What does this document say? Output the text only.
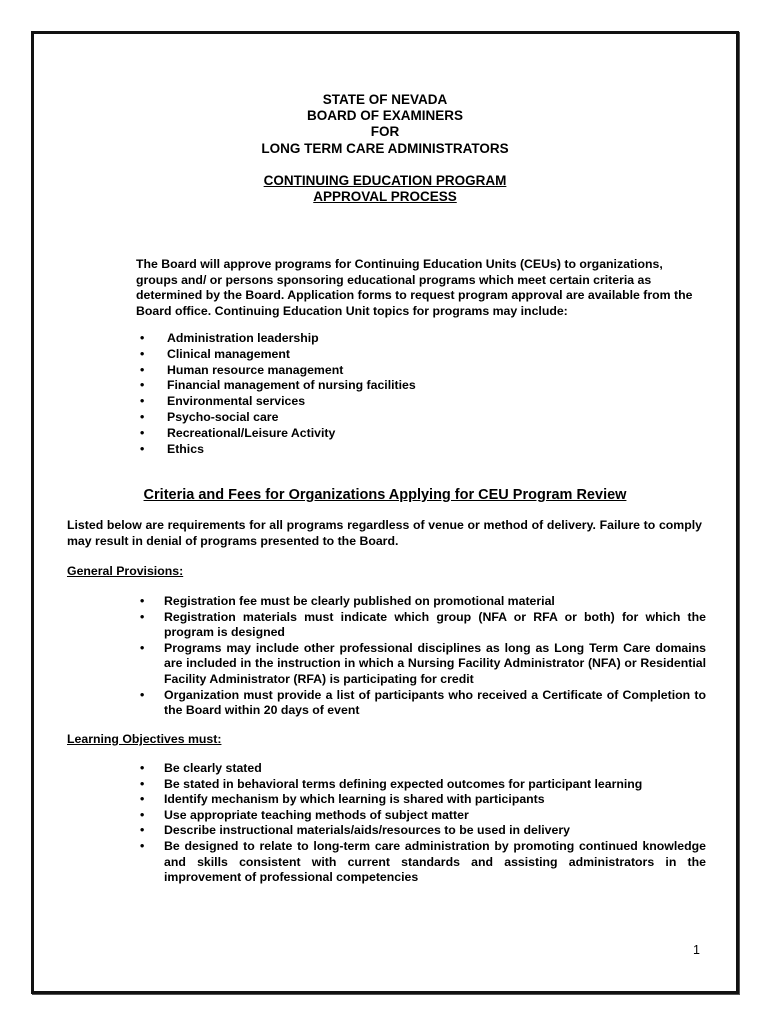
STATE OF NEVADA
BOARD OF EXAMINERS
FOR
LONG TERM CARE ADMINISTRATORS
CONTINUING EDUCATION PROGRAM
APPROVAL PROCESS
The Board will approve programs for Continuing Education Units (CEUs) to organizations, groups and/ or persons sponsoring educational programs which meet certain criteria as determined by the Board. Application forms to request program approval are available from the Board office. Continuing Education Unit topics for programs may include:
• Administration leadership
• Clinical management
• Human resource management
• Financial management of nursing facilities
• Environmental services
• Psycho-social care
• Recreational/Leisure Activity
• Ethics
Criteria and Fees for Organizations Applying for CEU Program Review
Listed below are requirements for all programs regardless of venue or method of delivery. Failure to comply may result in denial of programs presented to the Board.
General Provisions:
• Registration fee must be clearly published on promotional material
• Registration materials must indicate which group (NFA or RFA or both) for which the program is designed
• Programs may include other professional disciplines as long as Long Term Care domains are included in the instruction in which a Nursing Facility Administrator (NFA) or Residential Facility Administrator (RFA) is participating for credit
• Organization must provide a list of participants who received a Certificate of Completion to the Board within 20 days of event
Learning Objectives must:
• Be clearly stated
• Be stated in behavioral terms defining expected outcomes for participant learning
• Identify mechanism by which learning is shared with participants
• Use appropriate teaching methods of subject matter
• Describe instructional materials/aids/resources to be used in delivery
• Be designed to relate to long-term care administration by promoting continued knowledge and skills consistent with current standards and assisting administrators in the improvement of professional competencies
1
